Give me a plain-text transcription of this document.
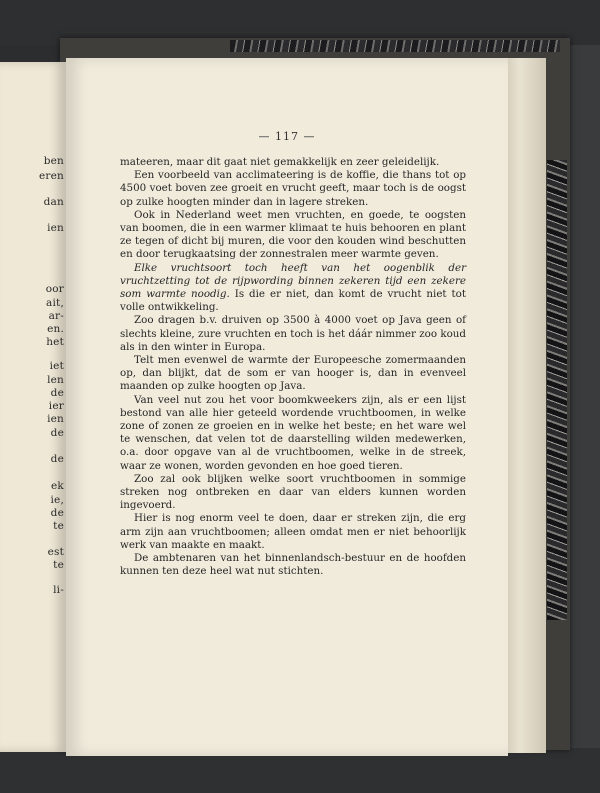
ben
eren
dan
ien
oor
ait,
ar-
en.
het
iet
len
de
ier
ien
de
de
ek
ie,
de
te
est
te
li-
— 117 —

mateeren, maar dit gaat niet gemakkelijk en zeer geleidelijk.

Een voorbeeld van acclimateering is de koffie, die thans tot op 4500 voet boven zee groeit en vrucht geeft, maar toch is de oogst op zulke hoogten minder dan in lagere streken.

Ook in Nederland weet men vruchten, en goede, te oogsten van boomen, die in een warmer klimaat te huis behooren en plant ze tegen of dicht bij muren, die voor den kouden wind beschutten en door terugkaatsing der zonnestralen meer warmte geven.

Elke vruchtsoort toch heeft van het oogenblik der vruchtzetting tot de rijpwording binnen zekeren tijd een zekere som warmte noodig. Is die er niet, dan komt de vrucht niet tot volle ontwikkeling.

Zoo dragen b.v. druiven op 3500 à 4000 voet op Java geen of slechts kleine, zure vruchten en toch is het dáár nimmer zoo koud als in den winter in Europa.

Telt men evenwel de warmte der Europeesche zomermaanden op, dan blijkt, dat de som er van hooger is, dan in evenveel maanden op zulke hoogten op Java.

Van veel nut zou het voor boomkweekers zijn, als er een lijst bestond van alle hier geteeld wordende vruchtboomen, in welke zone of zonen ze groeien en in welke het beste; en het ware wel te wenschen, dat velen tot de daarstelling wilden medewerken, o.a. door opgave van al de vruchtboomen, welke in de streek, waar ze wonen, worden gevonden en hoe goed tieren.

Zoo zal ook blijken welke soort vruchtboomen in sommige streken nog ontbreken en daar van elders kunnen worden ingevoerd.

Hier is nog enorm veel te doen, daar er streken zijn, die erg arm zijn aan vruchtboomen; alleen omdat men er niet behoorlijk werk van maakte en maakt.

De ambtenaren van het binnenlandsch-bestuur en de hoofden kunnen ten deze heel wat nut stichten.
